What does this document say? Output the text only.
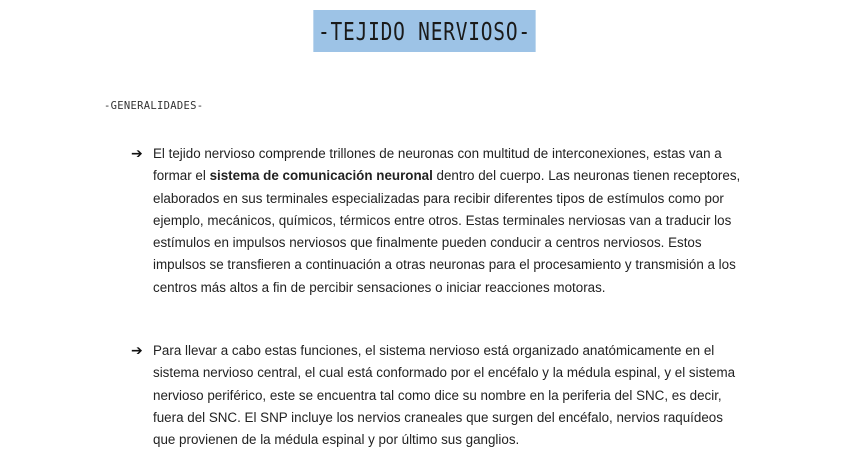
-TEJIDO NERVIOSO-
-GENERALIDADES-
➔ El tejido nervioso comprende trillones de neuronas con multitud de interconexiones, estas van a formar el sistema de comunicación neuronal dentro del cuerpo. Las neuronas tienen receptores, elaborados en sus terminales especializadas para recibir diferentes tipos de estímulos como por ejemplo, mecánicos, químicos, térmicos entre otros. Estas terminales nerviosas van a traducir los estímulos en impulsos nerviosos que finalmente pueden conducir a centros nerviosos. Estos impulsos se transfieren a continuación a otras neuronas para el procesamiento y transmisión a los centros más altos a fin de percibir sensaciones o iniciar reacciones motoras.

➔ Para llevar a cabo estas funciones, el sistema nervioso está organizado anatómicamente en el sistema nervioso central, el cual está conformado por el encéfalo y la médula espinal, y el sistema nervioso periférico, este se encuentra tal como dice su nombre en la periferia del SNC, es decir, fuera del SNC. El SNP incluye los nervios craneales que surgen del encéfalo, nervios raquídeos que provienen de la médula espinal y por último sus ganglios.
